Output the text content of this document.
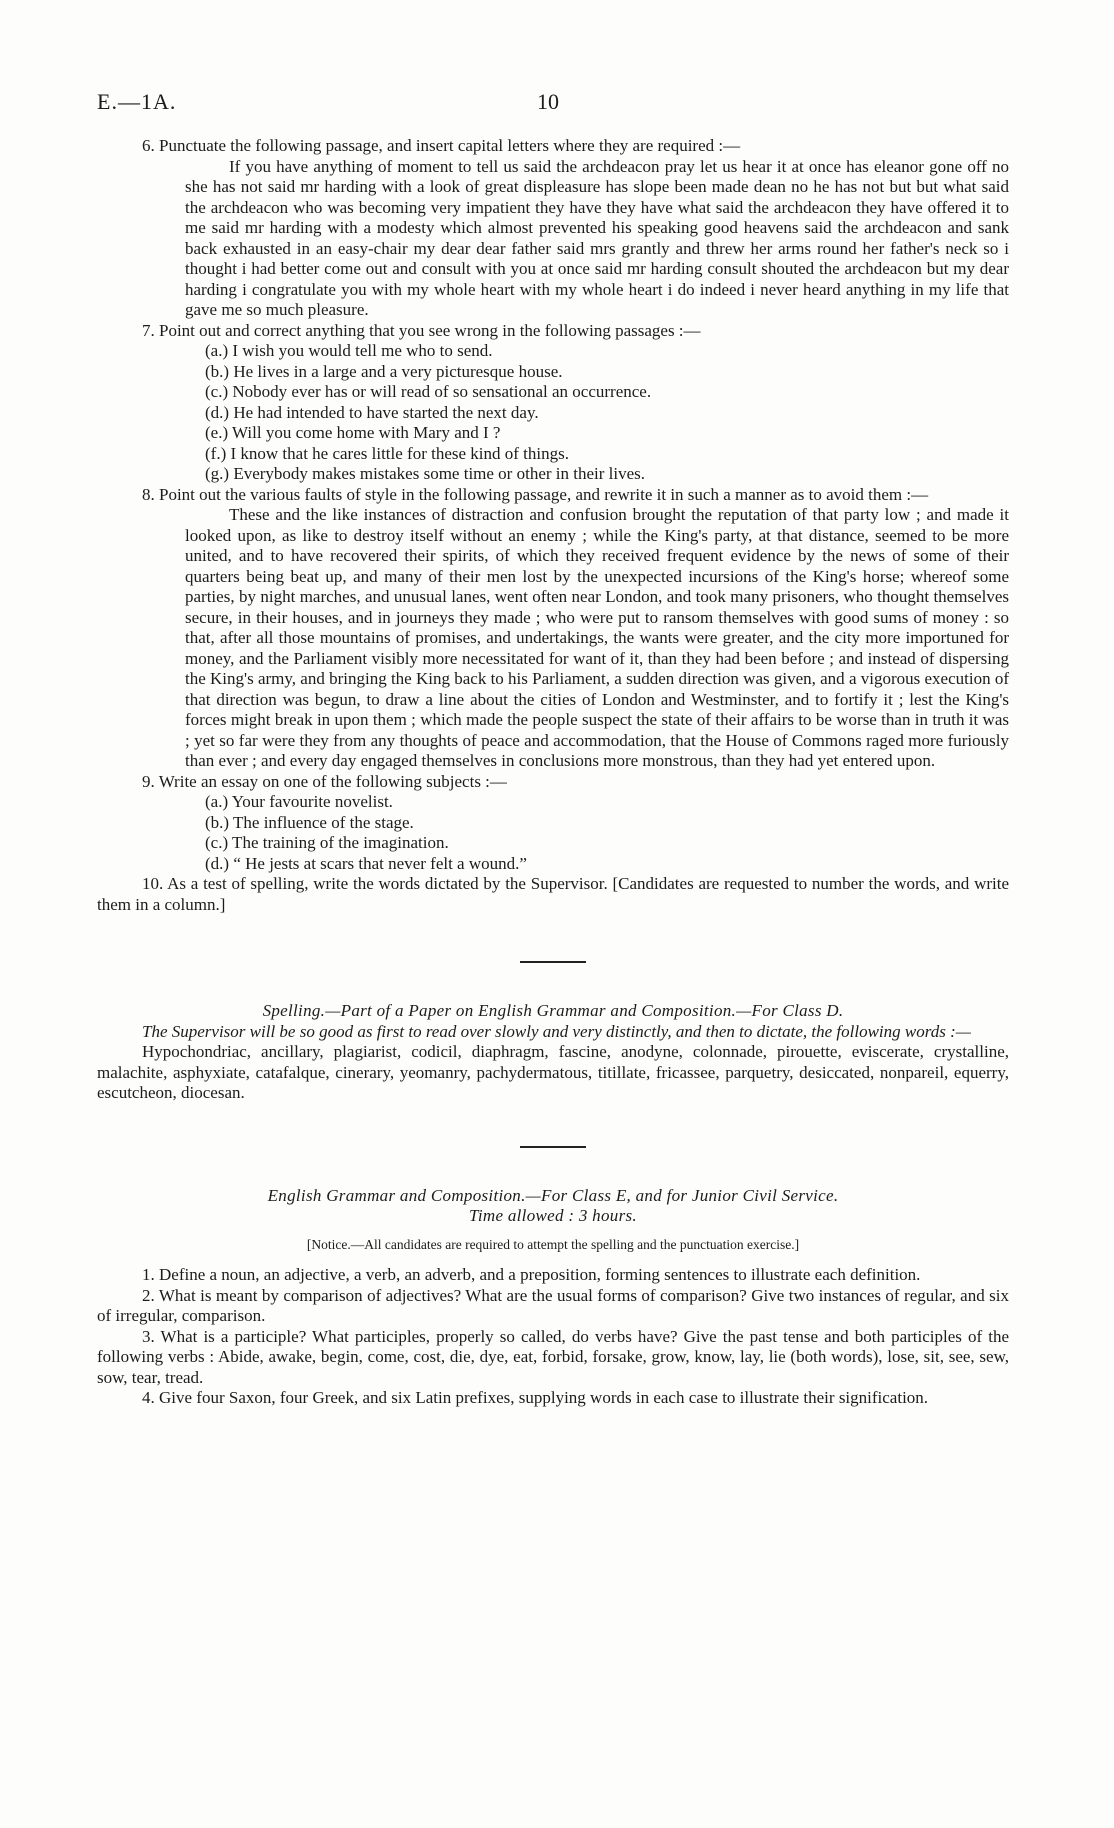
E.—1A.	10
6. Punctuate the following passage, and insert capital letters where they are required :—
If you have anything of moment to tell us said the archdeacon pray let us hear it at once has eleanor gone off no she has not said mr harding with a look of great displeasure has slope been made dean no he has not but but what said the archdeacon who was becoming very impatient they have they have what said the archdeacon they have offered it to me said mr harding with a modesty which almost prevented his speaking good heavens said the archdeacon and sank back exhausted in an easy-chair my dear dear father said mrs grantly and threw her arms round her father's neck so i thought i had better come out and consult with you at once said mr harding consult shouted the archdeacon but my dear harding i congratulate you with my whole heart with my whole heart i do indeed i never heard anything in my life that gave me so much pleasure.
7. Point out and correct anything that you see wrong in the following passages :—
(a.) I wish you would tell me who to send.
(b.) He lives in a large and a very picturesque house.
(c.) Nobody ever has or will read of so sensational an occurrence.
(d.) He had intended to have started the next day.
(e.) Will you come home with Mary and I ?
(f.) I know that he cares little for these kind of things.
(g.) Everybody makes mistakes some time or other in their lives.
8. Point out the various faults of style in the following passage, and rewrite it in such a manner as to avoid them :—
These and the like instances of distraction and confusion brought the reputation of that party low ; and made it looked upon, as like to destroy itself without an enemy ; while the King's party, at that distance, seemed to be more united, and to have recovered their spirits, of which they received frequent evidence by the news of some of their quarters being beat up, and many of their men lost by the unexpected incursions of the King's horse; whereof some parties, by night marches, and unusual lanes, went often near London, and took many prisoners, who thought themselves secure, in their houses, and in journeys they made ; who were put to ransom themselves with good sums of money : so that, after all those mountains of promises, and undertakings, the wants were greater, and the city more importuned for money, and the Parliament visibly more necessitated for want of it, than they had been before ; and instead of dispersing the King's army, and bringing the King back to his Parliament, a sudden direction was given, and a vigorous execution of that direction was begun, to draw a line about the cities of London and Westminster, and to fortify it ; lest the King's forces might break in upon them ; which made the people suspect the state of their affairs to be worse than in truth it was ; yet so far were they from any thoughts of peace and accommodation, that the House of Commons raged more furiously than ever ; and every day engaged themselves in conclusions more monstrous, than they had yet entered upon.
9. Write an essay on one of the following subjects :—
(a.) Your favourite novelist.
(b.) The influence of the stage.
(c.) The training of the imagination.
(d.) “ He jests at scars that never felt a wound.”
10. As a test of spelling, write the words dictated by the Supervisor. [Candidates are requested to number the words, and write them in a column.]
Spelling.—Part of a Paper on English Grammar and Composition.—For Class D.
The Supervisor will be so good as first to read over slowly and very distinctly, and then to dictate, the following words :—
Hypochondriac, ancillary, plagiarist, codicil, diaphragm, fascine, anodyne, colonnade, pirouette, eviscerate, crystalline, malachite, asphyxiate, catafalque, cinerary, yeomanry, pachydermatous, titillate, fricassee, parquetry, desiccated, nonpareil, equerry, escutcheon, diocesan.
English Grammar and Composition.—For Class E, and for Junior Civil Service.
Time allowed : 3 hours.
[Notice.—All candidates are required to attempt the spelling and the punctuation exercise.]
1. Define a noun, an adjective, a verb, an adverb, and a preposition, forming sentences to illustrate each definition.
2. What is meant by comparison of adjectives? What are the usual forms of comparison? Give two instances of regular, and six of irregular, comparison.
3. What is a participle? What participles, properly so called, do verbs have? Give the past tense and both participles of the following verbs : Abide, awake, begin, come, cost, die, dye, eat, forbid, forsake, grow, know, lay, lie (both words), lose, sit, see, sew, sow, tear, tread.
4. Give four Saxon, four Greek, and six Latin prefixes, supplying words in each case to illustrate their signification.
